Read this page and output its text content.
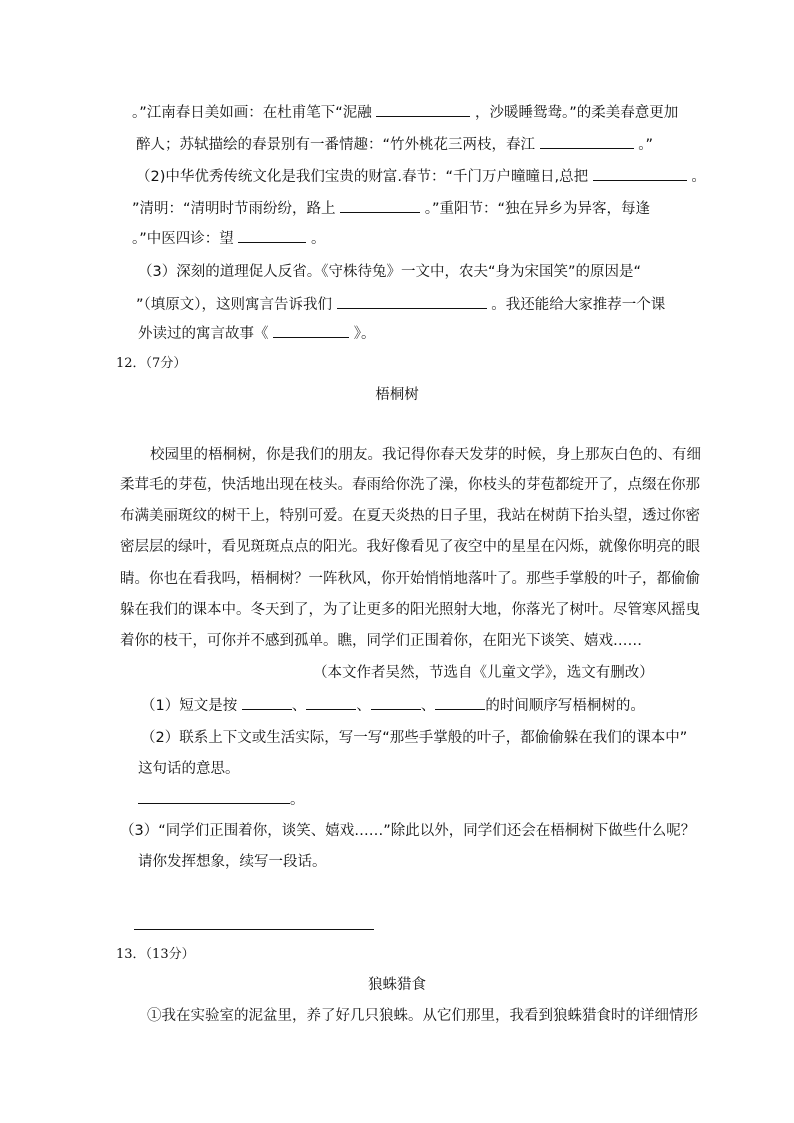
。”江南春日美如画：在杜甫笔下“泥融	，沙暖睡鸳鸯。”的柔美春意更加
醉人；苏轼描绘的春景别有一番情趣：“竹外桃花三两枝，春江	。”
（2)中华优秀传统文化是我们宝贵的财富.春节：“千门万户曈曈日,总把	。
”清明：“清明时节雨纷纷，路上	。”重阳节：“独在异乡为异客，每逢
。”中医四诊：望	。
（3）深刻的道理促人反省。《守株待兔》一文中，农夫“身为宋国笑”的原因是“
”（填原文），这则寓言告诉我们	。我还能给大家推荐一个课
外读过的寓言故事《	》。
12．（7分）
梧桐树
校园里的梧桐树，你是我们的朋友。我记得你春天发芽的时候，身上那灰白色的、有细
柔茸毛的芽苞，快活地出现在枝头。春雨给你洗了澡，你枝头的芽苞都绽开了，点缀在你那
布满美丽斑纹的树干上，特别可爱。在夏天炎热的日子里，我站在树荫下抬头望，透过你密
密层层的绿叶，看见斑斑点点的阳光。我好像看见了夜空中的星星在闪烁，就像你明亮的眼
睛。你也在看我吗，梧桐树？一阵秋风，你开始悄悄地落叶了。那些手掌般的叶子，都偷偷
躲在我们的课本中。冬天到了，为了让更多的阳光照射大地，你落光了树叶。尽管寒风摇曳
着你的枝干，可你并不感到孤单。瞧，同学们正围着你，在阳光下谈笑、嬉戏……
（本文作者吴然，节选自《儿童文学》，选文有删改）
（1）短文是按	、	、	、	的时间顺序写梧桐树的。
（2）联系上下文或生活实际，写一写“那些手掌般的叶子，都偷偷躲在我们的课本中”
这句话的意思。
。
（3）“同学们正围着你，谈笑、嬉戏……”除此以外，同学们还会在梧桐树下做些什么呢？
请你发挥想象，续写一段话。
13．（13分）
狼蛛猎食
①我在实验室的泥盆里，养了好几只狼蛛。从它们那里，我看到狼蛛猎食时的详细情形
